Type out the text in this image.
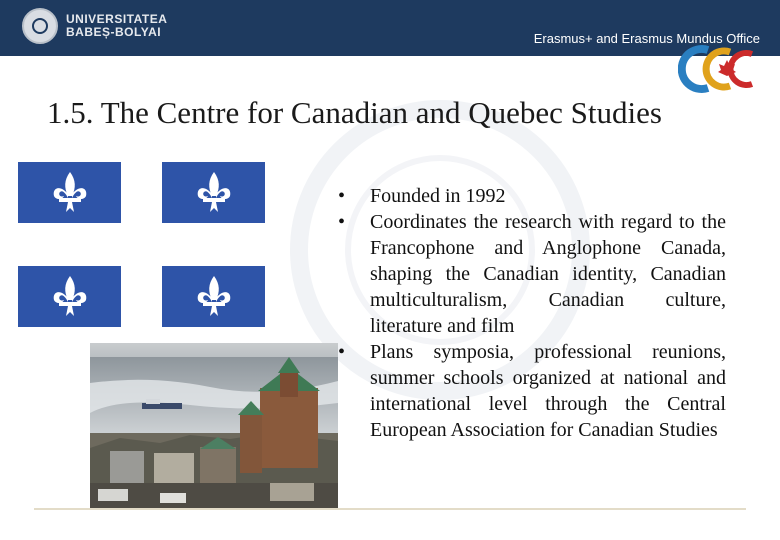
UNIVERSITATEA
BABEȘ-BOLYAI	Erasmus+ and Erasmus Mundus Office
1.5. The Centre for Canadian and Quebec Studies
• Founded in 1992
• Coordinates the research with regard to the Francophone and Anglophone Canada, shaping the Canadian identity, Canadian multiculturalism, Canadian culture, literature and film
• Plans symposia, professional reunions, summer schools organized at national and international level through the Central European Association for Canadian Studies
